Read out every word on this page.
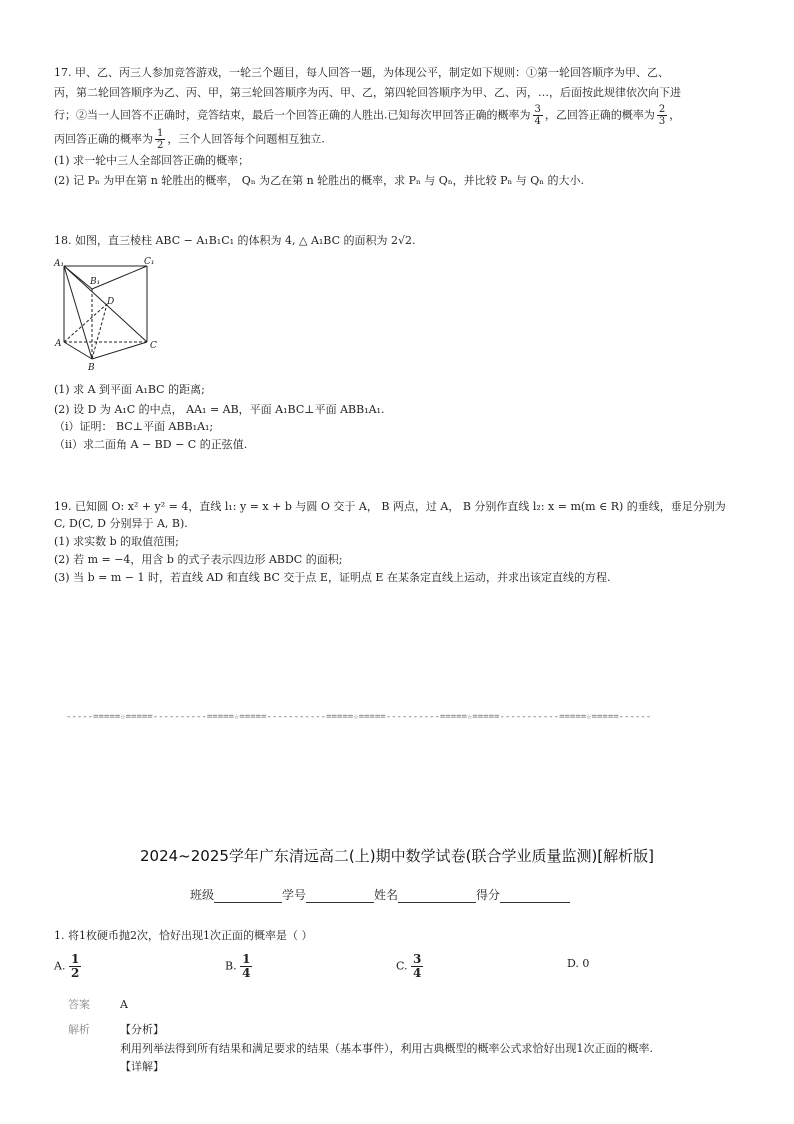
17. 甲、乙、丙三人参加竞答游戏，一轮三个题目，每人回答一题，为体现公平，制定如下规则：①第一轮回答顺序为甲、乙、
丙，第二轮回答顺序为乙、丙、甲，第三轮回答顺序为丙、甲、乙，第四轮回答顺序为甲、乙、丙，…，后面按此规律依次向下进
行；②当一人回答不正确时，竞答结束，最后一个回答正确的人胜出.已知每次甲回答正确的概率为 $\frac{3}{4}$ ，乙回答正确的概率为 $\frac{2}{3}$ ，
丙回答正确的概率为 $\frac{1}{2}$ ，三个人回答每个问题相互独立.
(1) 求一轮中三人全部回答正确的概率；
(2) 记 Pₙ 为甲在第 n 轮胜出的概率， Qₙ 为乙在第 n 轮胜出的概率，求 Pₙ 与 Qₙ，并比较 Pₙ 与 Qₙ 的大小.
18. 如图，直三棱柱 ABC − A₁B₁C₁ 的体积为 4, △ A₁BC 的面积为 2√2.
A₁
B₁
C₁
D
A
B
C
(1) 求 A 到平面 A₁BC 的距离;
(2) 设 D 为 A₁C 的中点， AA₁ = AB，平面 A₁BC⊥平面 ABB₁A₁.
（i）证明： BC⊥平面 ABB₁A₁;
（ii）求二面角 A − BD − C 的正弦值.
19. 已知圆 O: x² + y² = 4，直线 l₁: y = x + b 与圆 O 交于 A， B 两点，过 A， B 分别作直线 l₂: x = m(m ∈ R) 的垂线，垂足分别为
C, D(C, D 分别异于 A, B).
(1) 求实数 b 的取值范围;
(2) 若 m = −4，用含 b 的式子表示四边形 ABDC 的面积;
(3) 当 b = m − 1 时，若直线 AD 和直线 BC 交于点 E，证明点 E 在某条定直线上运动，并求出该定直线的方程.
-----=====☆=====----------=====☆=====-----------=====☆=====----------=====☆=====-----------=====☆=====------
2024~2025学年广东清远高二(上)期中数学试卷(联合学业质量监测)[解析版]
班级	学号	姓名	得分
1. 将1枚硬币抛2次，恰好出现1次正面的概率是（ ）
A. $\frac{1}{2}$	B. $\frac{1}{4}$	C. $\frac{3}{4}$	D. 0
答案	A
解析	【分析】
利用列举法得到所有结果和满足要求的结果（基本事件），利用古典概型的概率公式求恰好出现1次正面的概率.
【详解】
